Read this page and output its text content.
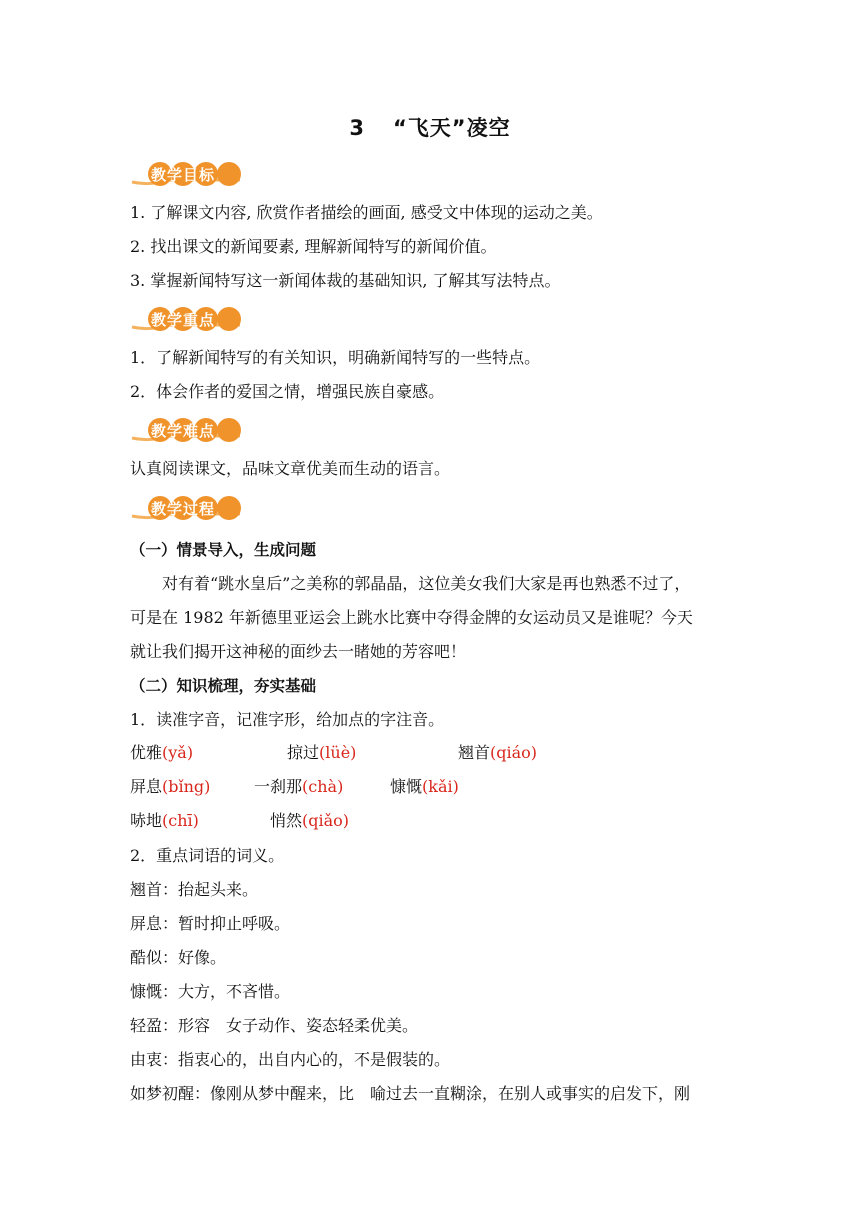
3 “飞天”凌空
教学目标
1. 了解课文内容, 欣赏作者描绘的画面, 感受文中体现的运动之美。
2. 找出课文的新闻要素, 理解新闻特写的新闻价值。
3. 掌握新闻特写这一新闻体裁的基础知识, 了解其写法特点。
教学重点
1．了解新闻特写的有关知识，明确新闻特写的一些特点。
2．体会作者的爱国之情，增强民族自豪感。
教学难点
认真阅读课文，品味文章优美而生动的语言。
教学过程
（一）情景导入，生成问题
对有着“跳水皇后”之美称的郭晶晶，这位美女我们大家是再也熟悉不过了，
可是在 1982 年新德里亚运会上跳水比赛中夺得金牌的女运动员又是谁呢？今天
就让我们揭开这神秘的面纱去一睹她的芳容吧！
（二）知识梳理，夯实基础
1．读准字音，记准字形，给加点的字注音。
优雅(yǎ)	掠过(lüè)	翘首(qiáo)
屏息(bǐng)	一刹那(chà)	慷慨(kǎi)
哧地(chī)	悄然(qiǎo)
2．重点词语的词义。
翘首：抬起头来。
屏息：暂时抑止呼吸。
酷似：好像。
慷慨：大方，不吝惜。
轻盈：形容　女子动作、姿态轻柔优美。
由衷：指衷心的，出自内心的，不是假装的。
如梦初醒：像刚从梦中醒来，比　喻过去一直糊涂，在别人或事实的启发下，刚
